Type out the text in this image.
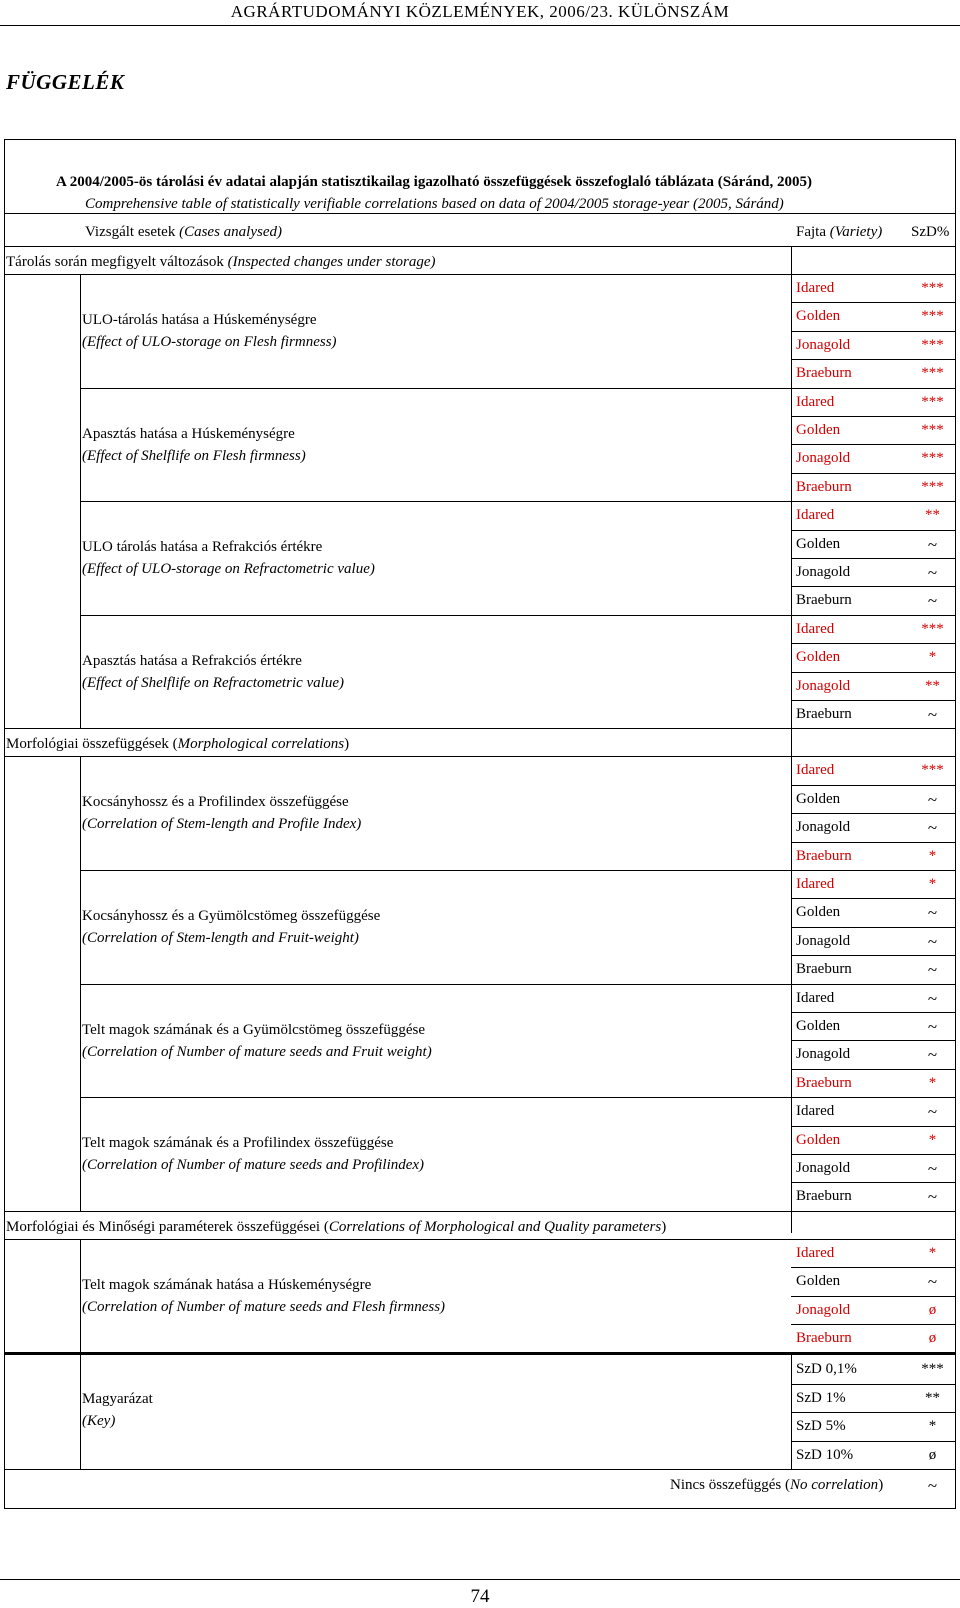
AGRÁRTUDOMÁNYI KÖZLEMÉNYEK, 2006/23. KÜLÖNSZÁM
FÜGGELÉK
A 2004/2005-ös tárolási év adatai alapján statisztikailag igazolható összefüggések összefoglaló táblázata (Sáránd, 2005)
Comprehensive table of statistically verifiable correlations based on data of 2004/2005 storage-year (2005, Sáránd)
Vizsgált esetek (Cases analysed)	Fajta (Variety) SzD%
Tárolás során megfigyelt változások (Inspected changes under storage)
ULO-tárolás hatása a Húskeménységre
(Effect of ULO-storage on Flesh firmness)
Idared	***
Golden	***
Jonagold	***
Braeburn	***
Apasztás hatása a Húskeménységre
(Effect of Shelflife on Flesh firmness)
Idared	***
Golden	***
Jonagold	***
Braeburn	***
ULO tárolás hatása a Refrakciós értékre
(Effect of ULO-storage on Refractometric value)
Idared	**
Golden	~
Jonagold	~
Braeburn	~
Apasztás hatása a Refrakciós értékre
(Effect of Shelflife on Refractometric value)
Idared	***
Golden	*
Jonagold	**
Braeburn	~
Morfológiai összefüggések (Morphological correlations)
Kocsányhossz és a Profilindex összefüggése
(Correlation of Stem-length and Profile Index)
Idared	***
Golden	~
Jonagold	~
Braeburn	*
Kocsányhossz és a Gyümölcstömeg összefüggése
(Correlation of Stem-length and Fruit-weight)
Idared	*
Golden	~
Jonagold	~
Braeburn	~
Telt magok számának és a Gyümölcstömeg összefüggése
(Correlation of Number of mature seeds and Fruit weight)
Idared	~
Golden	~
Jonagold	~
Braeburn	*
Telt magok számának és a Profilindex összefüggése
(Correlation of Number of mature seeds and Profilindex)
Idared	~
Golden	*
Jonagold	~
Braeburn	~
Morfológiai és Minőségi paraméterek összefüggései (Correlations of Morphological and Quality parameters)
Telt magok számának hatása a Húskeménységre
(Correlation of Number of mature seeds and Flesh firmness)
Idared	*
Golden	~
Jonagold	ø
Braeburn	ø
Magyarázat
(Key)
SzD 0,1%	***
SzD 1%	**
SzD 5%	*
SzD 10%	ø
Nincs összefüggés (No correlation)	~
74
